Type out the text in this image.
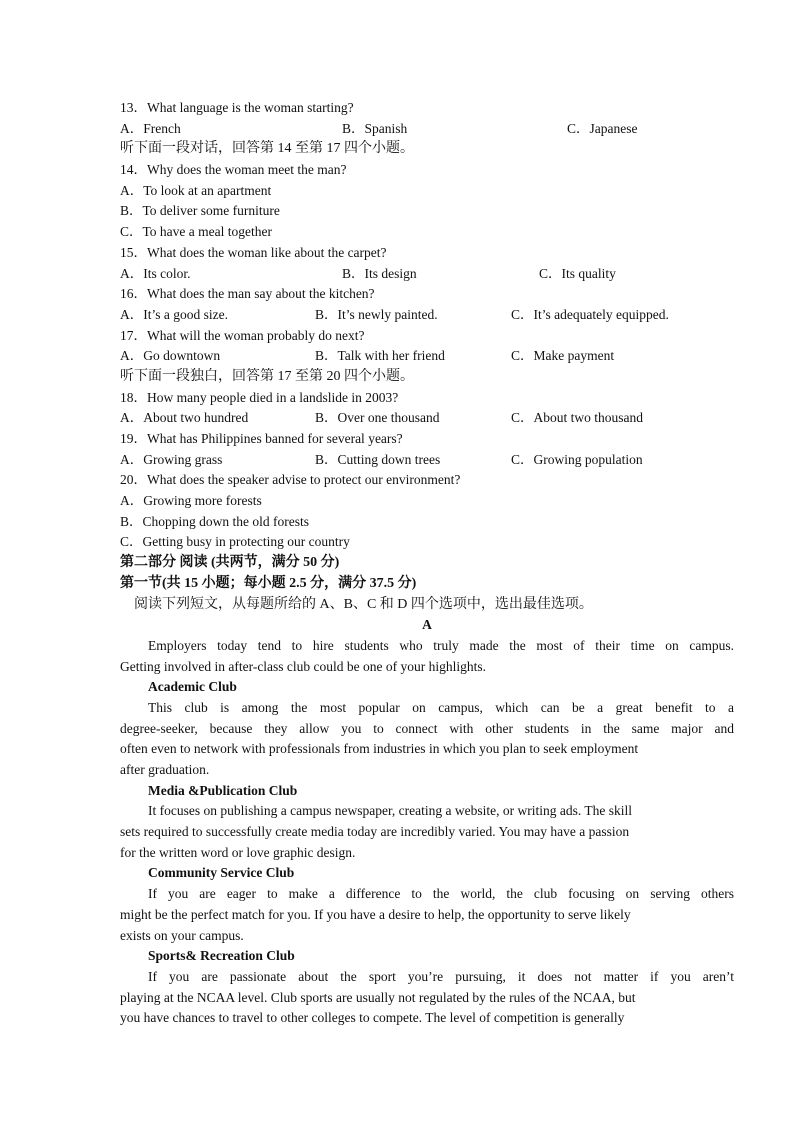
13．What language is the woman starting?
A．French	B．Spanish	C．Japanese
听下面一段对话，回答第 14 至第 17 四个小题。
14．Why does the woman meet the man?
A．To look at an apartment
B．To deliver some furniture
C．To have a meal together
15．What does the woman like about the carpet?
A．Its color.	B．Its design	C．Its quality
16．What does the man say about the kitchen?
A．It’s a good size.	B．It’s newly painted.	C．It’s adequately equipped.
17．What will the woman probably do next?
A．Go downtown	B．Talk with her friend	C．Make payment
听下面一段独白，回答第 17 至第 20 四个小题。
18．How many people died in a landslide in 2003?
A．About two hundred	B．Over one thousand	C．About two thousand
19．What has Philippines banned for several years?
A．Growing grass	B．Cutting down trees	C．Growing population
20．What does the speaker advise to protect our environment?
A．Growing more forests
B．Chopping down the old forests
C．Getting busy in protecting our country
第二部分 阅读 (共两节，满分 50 分)
第一节(共 15 小题；每小题 2.5 分，满分 37.5 分)
阅读下列短文，从每题所给的 A、B、C 和 D 四个选项中，选出最佳选项。
A
Employers today tend to hire students who truly made the most of their time on campus.
Getting involved in after-class club could be one of your highlights.
Academic Club
This club is among the most popular on campus, which can be a great benefit to a
degree-seeker, because they allow you to connect with other students in the same major and
often even to network with professionals from industries in which you plan to seek employment
after graduation.
Media &Publication Club
It focuses on publishing a campus newspaper, creating a website, or writing ads. The skill
sets required to successfully create media today are incredibly varied. You may have a passion
for the written word or love graphic design.
Community Service Club
If you are eager to make a difference to the world, the club focusing on serving others
might be the perfect match for you. If you have a desire to help, the opportunity to serve likely
exists on your campus.
Sports& Recreation Club
If you are passionate about the sport you’re pursuing, it does not matter if you aren’t
playing at the NCAA level. Club sports are usually not regulated by the rules of the NCAA, but
you have chances to travel to other colleges to compete. The level of competition is generally
